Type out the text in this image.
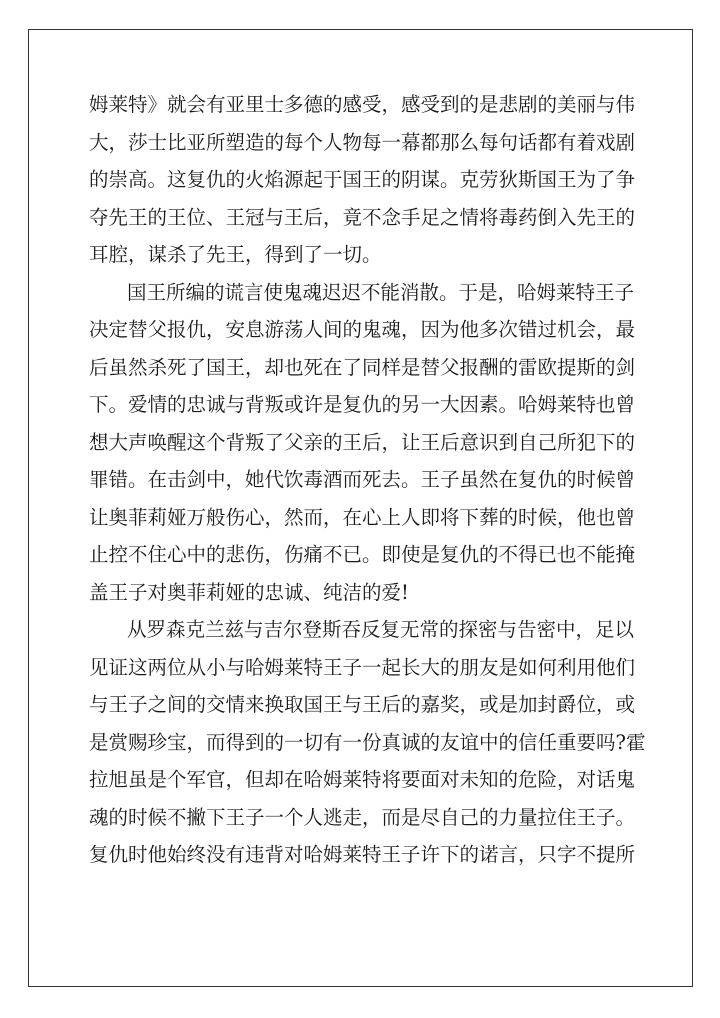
姆莱特》就会有亚里士多德的感受，感受到的是悲剧的美丽与伟
大，莎士比亚所塑造的每个人物每一幕都那么每句话都有着戏剧
的崇高。这复仇的火焰源起于国王的阴谋。克劳狄斯国王为了争
夺先王的王位、王冠与王后，竟不念手足之情将毒药倒入先王的
耳腔，谋杀了先王，得到了一切。
国王所编的谎言使鬼魂迟迟不能消散。于是，哈姆莱特王子
决定替父报仇，安息游荡人间的鬼魂，因为他多次错过机会，最
后虽然杀死了国王，却也死在了同样是替父报酬的雷欧提斯的剑
下。爱情的忠诚与背叛或许是复仇的另一大因素。哈姆莱特也曾
想大声唤醒这个背叛了父亲的王后，让王后意识到自己所犯下的
罪错。在击剑中，她代饮毒酒而死去。王子虽然在复仇的时候曾
让奥菲莉娅万般伤心，然而，在心上人即将下葬的时候，他也曾
止控不住心中的悲伤，伤痛不已。即使是复仇的不得已也不能掩
盖王子对奥菲莉娅的忠诚、纯洁的爱!
从罗森克兰兹与吉尔登斯吞反复无常的探密与告密中，足以
见证这两位从小与哈姆莱特王子一起长大的朋友是如何利用他们
与王子之间的交情来换取国王与王后的嘉奖，或是加封爵位，或
是赏赐珍宝，而得到的一切有一份真诚的友谊中的信任重要吗?霍
拉旭虽是个军官，但却在哈姆莱特将要面对未知的危险，对话鬼
魂的时候不撇下王子一个人逃走，而是尽自己的力量拉住王子。
复仇时他始终没有违背对哈姆莱特王子许下的诺言，只字不提所
